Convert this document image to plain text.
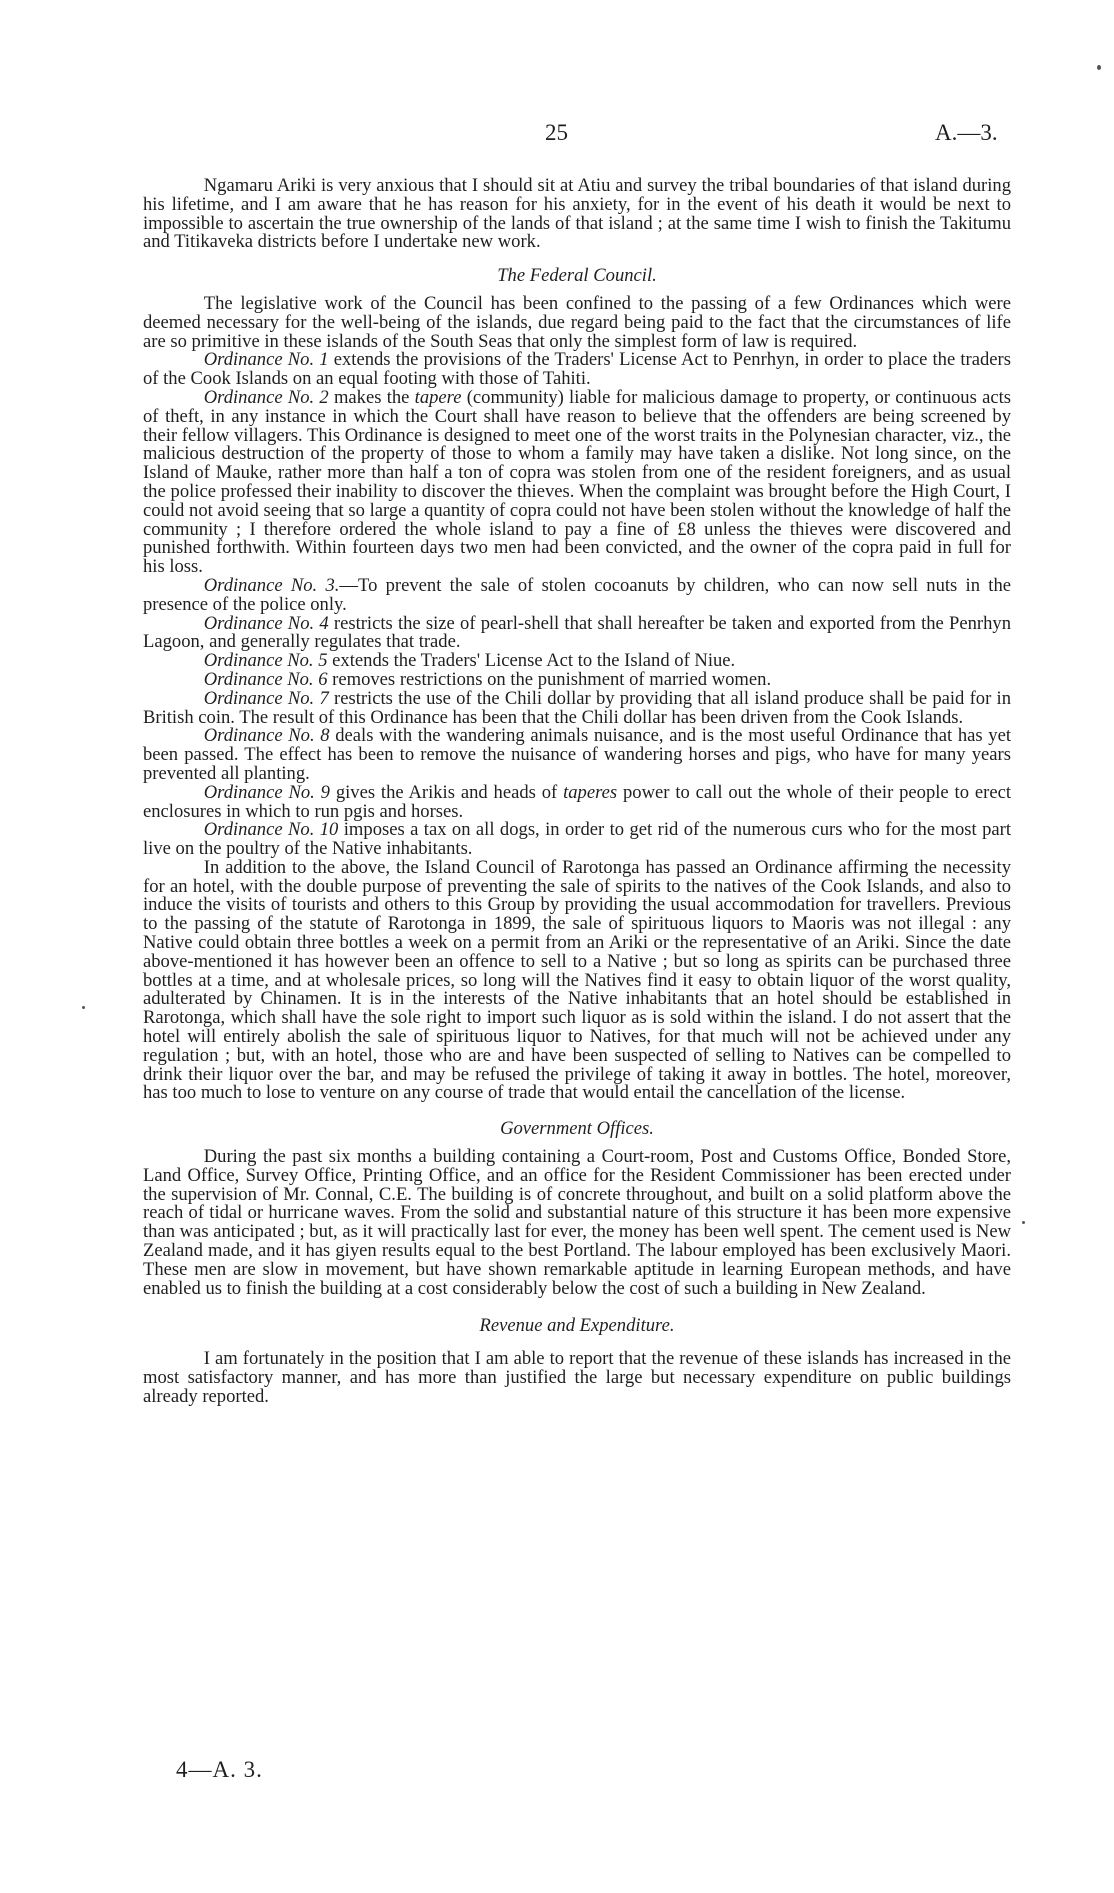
25	A.—3.

Ngamaru Ariki is very anxious that I should sit at Atiu and survey the tribal boundaries of that island during his lifetime, and I am aware that he has reason for his anxiety, for in the event of his death it would be next to impossible to ascertain the true ownership of the lands of that island ; at the same time I wish to finish the Takitumu and Titikaveka districts before I undertake new work.

The Federal Council.

The legislative work of the Council has been confined to the passing of a few Ordinances which were deemed necessary for the well-being of the islands, due regard being paid to the fact that the circumstances of life are so primitive in these islands of the South Seas that only the simplest form of law is required.

Ordinance No. 1 extends the provisions of the Traders' License Act to Penrhyn, in order to place the traders of the Cook Islands on an equal footing with those of Tahiti.

Ordinance No. 2 makes the tapere (community) liable for malicious damage to property, or continuous acts of theft, in any instance in which the Court shall have reason to believe that the offenders are being screened by their fellow villagers. This Ordinance is designed to meet one of the worst traits in the Polynesian character, viz., the malicious destruction of the property of those to whom a family may have taken a dislike. Not long since, on the Island of Mauke, rather more than half a ton of copra was stolen from one of the resident foreigners, and as usual the police professed their inability to discover the thieves. When the complaint was brought before the High Court, I could not avoid seeing that so large a quantity of copra could not have been stolen without the knowledge of half the community ; I therefore ordered the whole island to pay a fine of £8 unless the thieves were discovered and punished forthwith. Within fourteen days two men had been convicted, and the owner of the copra paid in full for his loss.

Ordinance No. 3.—To prevent the sale of stolen cocoanuts by children, who can now sell nuts in the presence of the police only.

Ordinance No. 4 restricts the size of pearl-shell that shall hereafter be taken and exported from the Penrhyn Lagoon, and generally regulates that trade.

Ordinance No. 5 extends the Traders' License Act to the Island of Niue.

Ordinance No. 6 removes restrictions on the punishment of married women.

Ordinance No. 7 restricts the use of the Chili dollar by providing that all island produce shall be paid for in British coin. The result of this Ordinance has been that the Chili dollar has been driven from the Cook Islands.

Ordinance No. 8 deals with the wandering animals nuisance, and is the most useful Ordinance that has yet been passed. The effect has been to remove the nuisance of wandering horses and pigs, who have for many years prevented all planting.

Ordinance No. 9 gives the Arikis and heads of taperes power to call out the whole of their people to erect enclosures in which to run pgis and horses.

Ordinance No. 10 imposes a tax on all dogs, in order to get rid of the numerous curs who for the most part live on the poultry of the Native inhabitants.

In addition to the above, the Island Council of Rarotonga has passed an Ordinance affirming the necessity for an hotel, with the double purpose of preventing the sale of spirits to the natives of the Cook Islands, and also to induce the visits of tourists and others to this Group by providing the usual accommodation for travellers. Previous to the passing of the statute of Rarotonga in 1899, the sale of spirituous liquors to Maoris was not illegal : any Native could obtain three bottles a week on a permit from an Ariki or the representative of an Ariki. Since the date above-mentioned it has however been an offence to sell to a Native ; but so long as spirits can be purchased three bottles at a time, and at wholesale prices, so long will the Natives find it easy to obtain liquor of the worst quality, adulterated by Chinamen. It is in the interests of the Native inhabitants that an hotel should be established in Rarotonga, which shall have the sole right to import such liquor as is sold within the island. I do not assert that the hotel will entirely abolish the sale of spirituous liquor to Natives, for that much will not be achieved under any regulation ; but, with an hotel, those who are and have been suspected of selling to Natives can be compelled to drink their liquor over the bar, and may be refused the privilege of taking it away in bottles. The hotel, moreover, has too much to lose to venture on any course of trade that would entail the cancellation of the license.

Government Offices.

During the past six months a building containing a Court-room, Post and Customs Office, Bonded Store, Land Office, Survey Office, Printing Office, and an office for the Resident Commissioner has been erected under the supervision of Mr. Connal, C.E. The building is of concrete throughout, and built on a solid platform above the reach of tidal or hurricane waves. From the solid and substantial nature of this structure it has been more expensive than was anticipated ; but, as it will practically last for ever, the money has been well spent. The cement used is New Zealand made, and it has giyen results equal to the best Portland. The labour employed has been exclusively Maori. These men are slow in movement, but have shown remarkable aptitude in learning European methods, and have enabled us to finish the building at a cost considerably below the cost of such a building in New Zealand.

Revenue and Expenditure.

I am fortunately in the position that I am able to report that the revenue of these islands has increased in the most satisfactory manner, and has more than justified the large but necessary expenditure on public buildings already reported.

4—A. 3.
